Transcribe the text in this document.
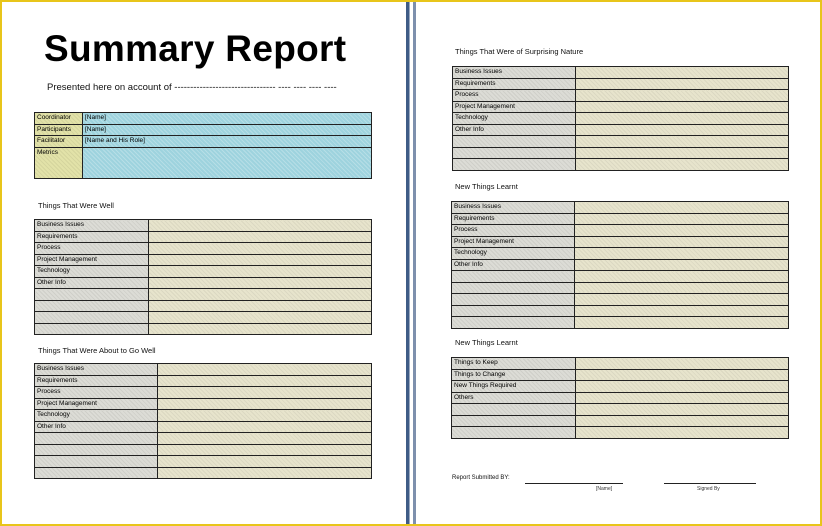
Summary Report
Presented here on account of -------------------------------- ---- ---- ---- ----
Coordinator	[Name]
Participants	[Name]
Facilitator	[Name and His Role]
Metrics	
Things That Were Well
Business Issues	
Requirements	
Process	
Project Management	
Technology	
Other Info	

Things That Were About to Go Well
Business Issues	
Requirements	
Process	
Project Management	
Technology	
Other Info	

Things That Were of Surprising Nature
Business Issues	
Requirements	
Process	
Project Management	
Technology	
Other Info	

New Things Learnt
Business Issues	
Requirements	
Process	
Project Management	
Technology	
Other Info	

New Things Learnt
Things to Keep	
Things to Change	
New Things Required	
Others	

Report Submitted BY:
[Name]	Signed By
